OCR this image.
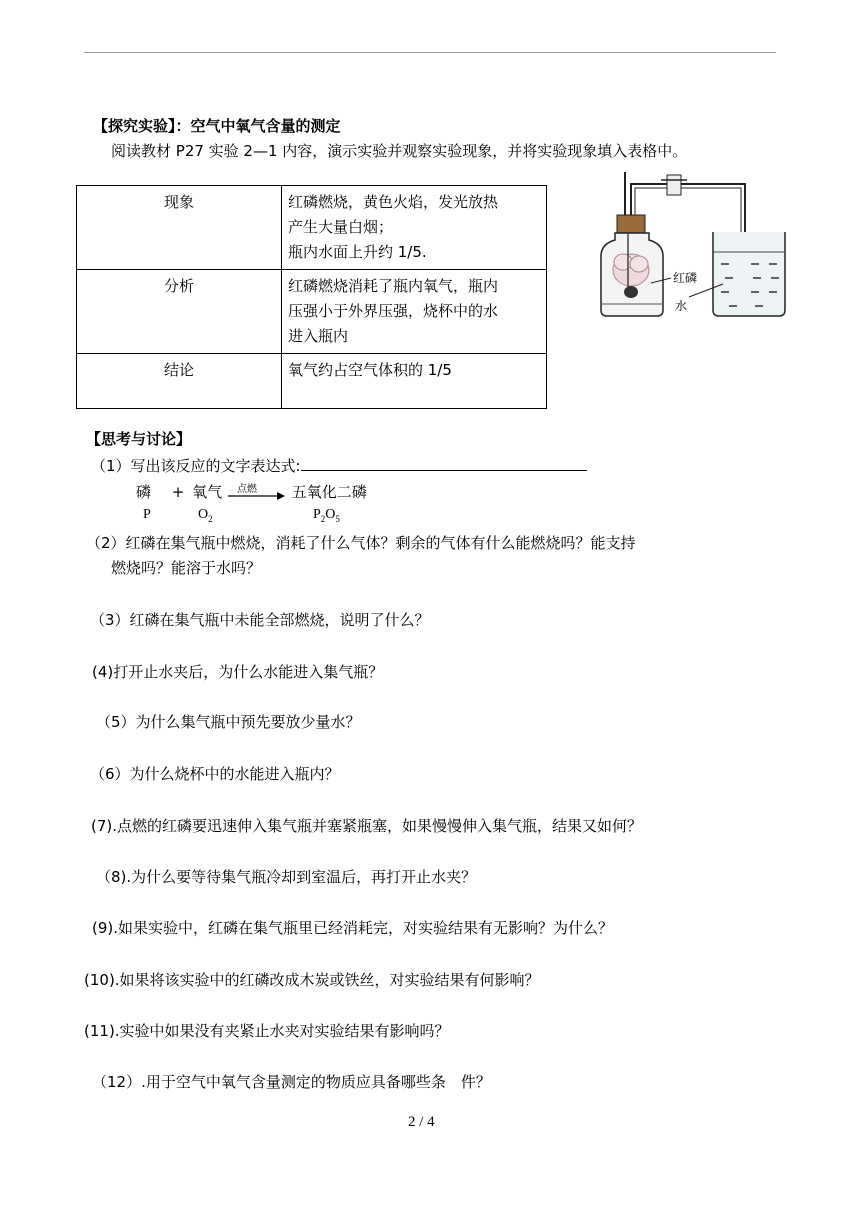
【探究实验】：空气中氧气含量的测定
阅读教材 P27 实验 2—1 内容，演示实验并观察实验现象，并将实验现象填入表格中。
现象	红磷燃烧，黄色火焰，发光放热
产生大量白烟；
瓶内水面上升约 1/5.

分析	红磷燃烧消耗了瓶内氧气，瓶内
压强小于外界压强，烧杯中的水
进入瓶内

结论	氧气约占空气体积的 1/5
红磷
水
【思考与讨论】
（1）写出该反应的文字表达式:
磷 + 氧气 点燃 五氧化二磷
P	$O_2$	$P_2O_5$
（2）红磷在集气瓶中燃烧，消耗了什么气体？剩余的气体有什么能燃烧吗？能支持
燃烧吗？能溶于水吗？
（3）红磷在集气瓶中未能全部燃烧，说明了什么？
(4)打开止水夹后，为什么水能进入集气瓶？
（5）为什么集气瓶中预先要放少量水？
（6）为什么烧杯中的水能进入瓶内？
(7).点燃的红磷要迅速伸入集气瓶并塞紧瓶塞，如果慢慢伸入集气瓶，结果又如何？
（8).为什么要等待集气瓶冷却到室温后，再打开止水夹？
(9).如果实验中，红磷在集气瓶里已经消耗完，对实验结果有无影响？为什么？
(10).如果将该实验中的红磷改成木炭或铁丝，对实验结果有何影响？
(11).实验中如果没有夹紧止水夹对实验结果有影响吗？
（12）.用于空气中氧气含量测定的物质应具备哪些条　件？
2 / 4
